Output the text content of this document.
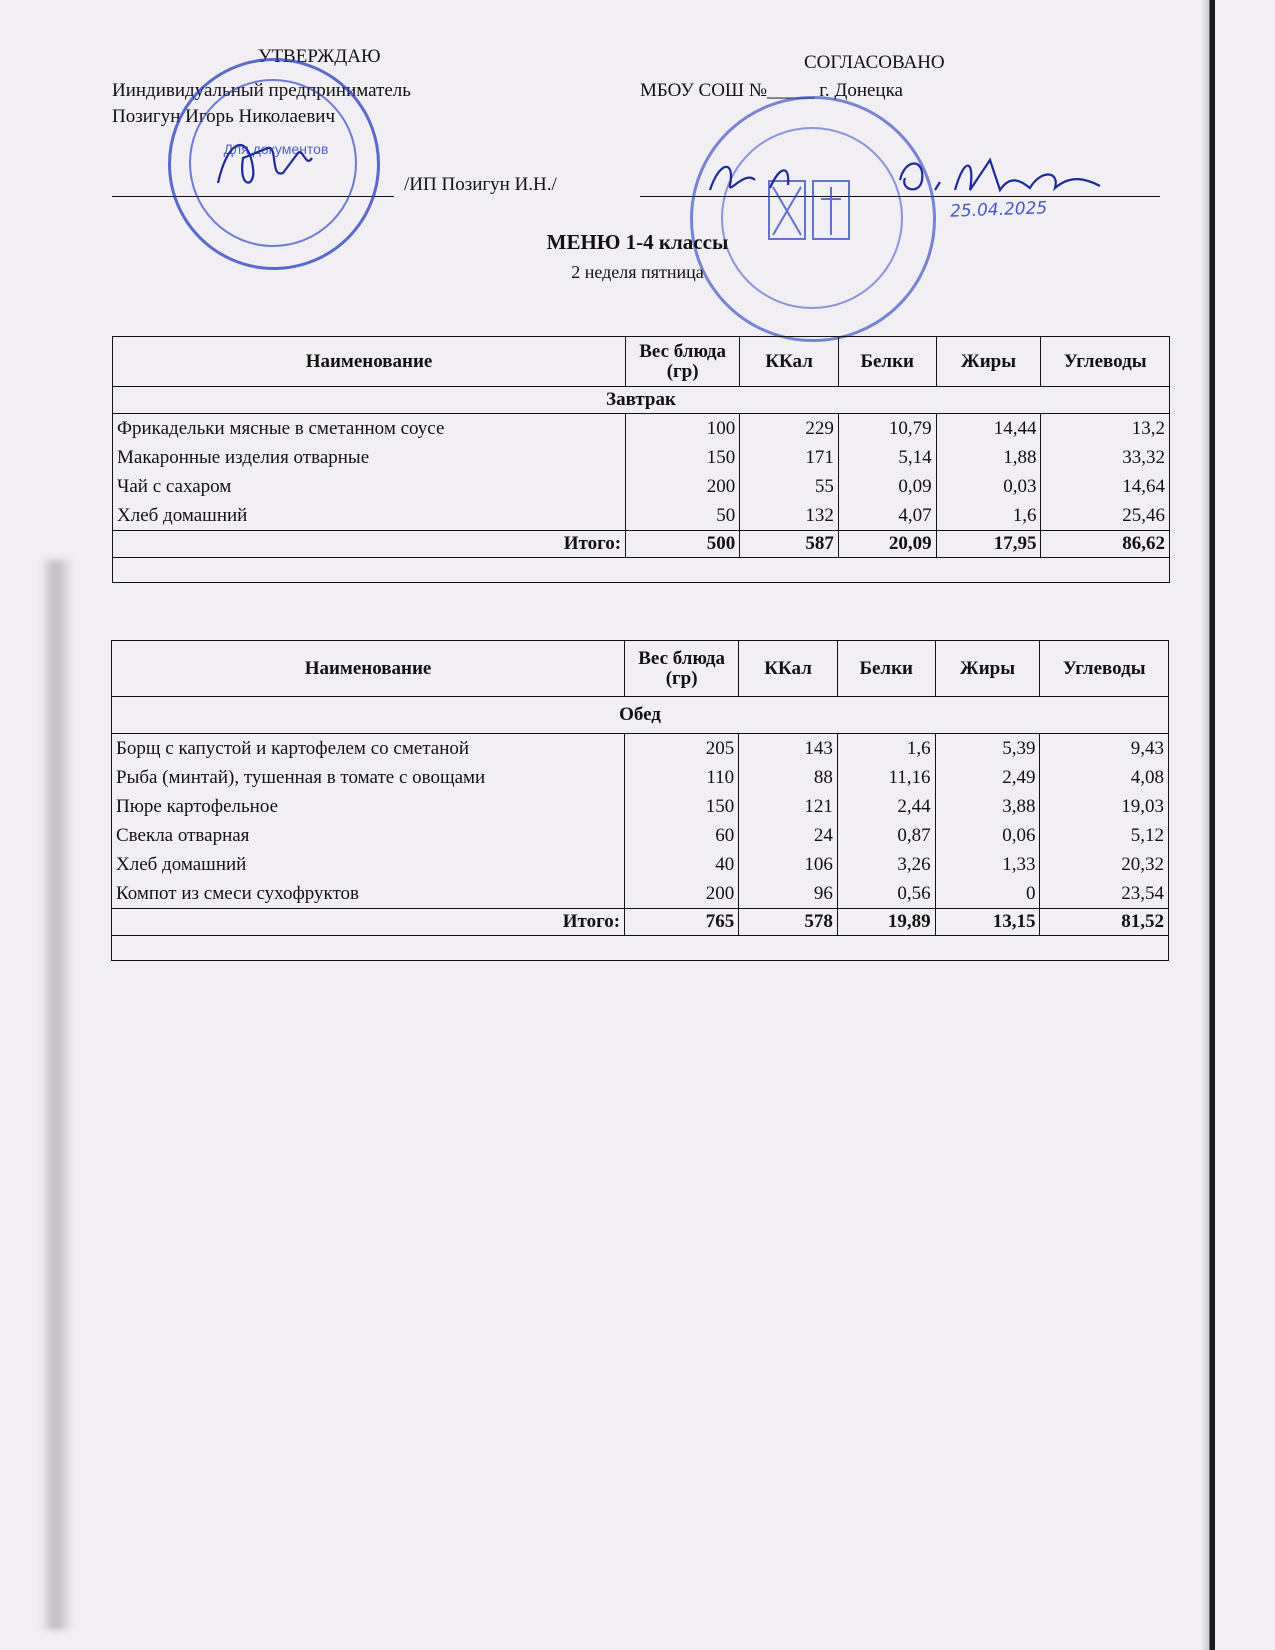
УТВЕРЖДАЮ
Ииндивидуальный предприниматель
Позигун Игорь Николаевич
/ИП Позигун И.Н./
Для документов
СОГЛАСОВАНО
МБОУ СОШ №_____ г. Донецка
25.04.2025
МЕНЮ 1-4 классы
2 неделя пятница
Наименование	Вес блюда (гр)	ККал	Белки	Жиры	Углеводы
Завтрак					
Фрикадельки мясные в сметанном соусе	100	229	10,79	14,44	13,2
Макаронные изделия отварные	150	171	5,14	1,88	33,32
Чай с сахаром	200	55	0,09	0,03	14,64
Хлеб домашний	50	132	4,07	1,6	25,46
Итого:	500	587	20,09	17,95	86,62

Наименование	Вес блюда (гр)	ККал	Белки	Жиры	Углеводы
Обед					
Борщ с капустой и картофелем со сметаной	205	143	1,6	5,39	9,43
Рыба (минтай), тушенная в томате с овощами	110	88	11,16	2,49	4,08
Пюре картофельное	150	121	2,44	3,88	19,03
Свекла отварная	60	24	0,87	0,06	5,12
Хлеб домашний	40	106	3,26	1,33	20,32
Компот из смеси сухофруктов	200	96	0,56	0	23,54
Итого:	765	578	19,89	13,15	81,52
